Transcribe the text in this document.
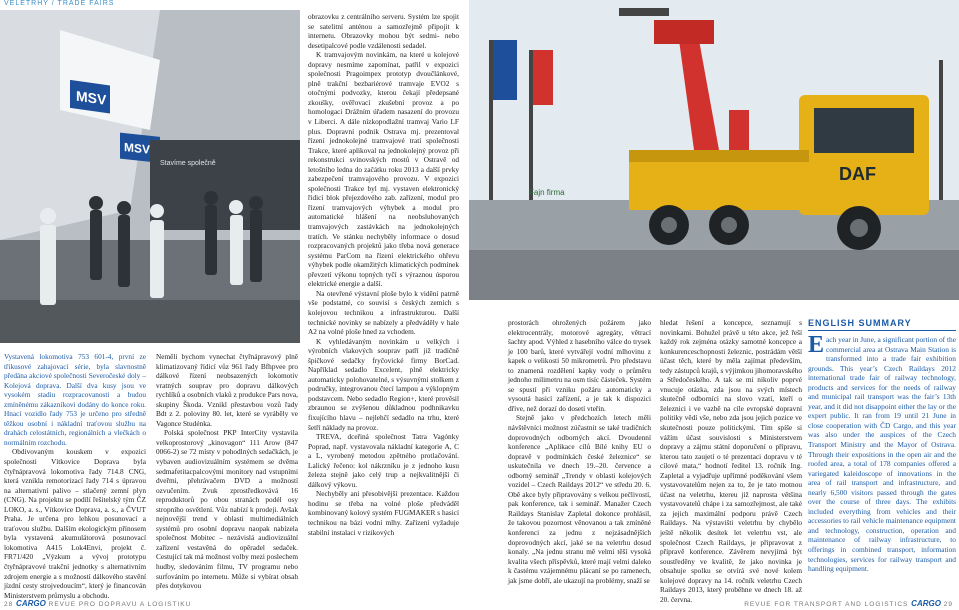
VELETRHY / TRADE FAIRS
MSV
MSV
Stavíme společně
DAF
Fajn firma

Vystavená lokomotiva 753 601-4, první ze třikusové zahajovací série, byla slavnostně předána akciové společnosti Severočeské doly – Kolejová doprava. Další dva kusy jsou ve vysokém stadiu rozpracovanosti a budou zmíněnému zákazníkovi dodány do konce roku. Hnací vozidlo řady 753 je určeno pro středně těžkou osobní i nákladní traťovou službu na drahách celostátních, regionálních a vlečkách o normálním rozchodu.

Obdivovaným kouskem v expozici společnosti Vítkovice Doprava byla čtyřnápravová lokomotiva řady 714.8 CNG, která vznikla remotorizací řady 714 s úpravou na alternativní palivo – stlačený zemní plyn (CNG). Na projektu se podílí řešitelský tým ČZ LOKO, a. s., Vítkovice Doprava, a. s., a ČVUT Praha. Je určena pro lehkou posunovací a traťovou službu. Dalším ekologickým přínosem byla vystavená akumulátorová posunovací lokomotiva A415 Lok4Envi, projekt č. FR71/420 „Výzkum a vývoj prototypu čtyřnápravové trakční jednotky s alternativním zdrojem energie a s možností dálkového stavění jízdní cesty strojvedoucím“, který je financován Ministerstvem průmyslu a obchodu.

Neměli bychom vynechat čtyřnápravový plně klimatizovaný řídicí vůz 961 řady Bfhpvee pro dálkové řízení neobsazených lokomotiv vratných souprav pro dopravu dálkových rychlíků a osobních vlaků z produkce Pars nova, skupiny Škoda. Vznikl přestavbou vozů řady Bdt z 2. poloviny 80. let, které se vyráběly ve Vagonce Studénka.

Polská společnost PKP InterCity vystavila velkoprostorový „kinovagon“ 111 Arow (847 0066-2) se 72 místy v pohodlných sedačkách, je vybaven audiovizuálním systémem se dvěma sedmafetitacpalcovými monitory nad vstupními dveřmi, přehrávačem DVD a možností ozvučením. Zvuk zprostředkovává 16 reproduktorů po obou stranách podél osy stropního osvětlení. Vůz nabízí k prodeji. Avšak nejnovější trend v oblasti multimediálních systémů pro osobní dopravu naopak nabízela společnost Mobitec – nezávislá audiovizuální zařízení vestavěná do opěradel sedaček. Cestující tak má možnost volby mezi poslechem hudby, sledováním filmu, TV programu nebo surfováním po internetu. Může si vybírat obsah přes dotykovou

obrazovku z centrálního serveru. Systém lze spojit se satelitní anténou a samozřejmě připojit k internetu. Obrazovky mohou být sedmi- nebo desetipalcové podle vzdálenosti sedadel.

K tramvajovým novinkám, na které u kolejové dopravy nesmíme zapomínat, patřil v expozici společnosti Pragoimpex prototyp dvoučlánkové, plně trakční bezbariérové tramvaje EVO2 s otočnými podvozky, kterou čekají předepsané zkoušky, ověřovací zkušební provoz a po homologaci Drážním úřadem nasazení do provozu v Liberci. A dále nízkopodlažní tramvaj Vario LF plus. Dopravní podnik Ostrava mj. prezentoval řízení jednokolejné tramvajové tratí společnosti Trakce, které aplikoval na jednokolejný provoz při rekonstrukci svinovských mostů v Ostravě od letošního ledna do začátku roku 2013 a další prvky zabezpečení tramvajového provozu. V expozici společnosti Trakce byl mj. vystaven elektronický řídicí blok přejezdového zab. zařízení, modul pro řízení tramvajových výhybek a modul pro automatické hlášení na neobsluhovaných tramvajových zastávkách na jednokolejných tratích. Ve stánku nechyběly informace o dosud rozpracovaných projektů jako třeba nová generace systému ParCom na řízení elektrického ohřevu výhybek podle okamžitých klimatických podmínek převzetí výkonu topných tyčí s výraznou úsporou elektrické energie a další.

Na otevřené výstavní ploše bylo k vidění patrně vše podstatné, co souvisí s českých zemích s kolejovou technikou a infrastrukturou. Další technické novinky se nabízely a předváděly v hale A2 na volné ploše hned za vchodem.

K vyhledávaným novinkám u velkých i výrobních vlakových souprav patří již tradičně špičkové sedačky fryčovické firmy BorCad. Například sedadlo Excelent, plně elektricky automaticky polohovatelné, s výsuvnými stolkem z područky, integrovanou čtecí lampou a výklopným podstavcem. Nebo sedadlo Region+, které prověsil zbraunou se zvýšenou důkladnou podhnikavku fixujícího hlavu – nejlehčí sedadlo na trhu, které šetří náklady na provoz.

TREVA, dceřiná společnost Tatra Vagónky Poprad, např. vystavovala nákladní kategorie A, C a L, vyrobený metodou zpětného protlačování. Lalický řečeno: kol nákrzníku je z jednoho kusu železa stejně jako celý trup a nejkvalitnější či dálkový výkovu.

Nechyběly ani přesobivější prezentace. Každou hodinu se třeba na volné ploše předváděl kombinovaný kolový systém FUGMAKER s hasicí technikou na bázi vodní mlhy. Zařízení vyžaduje stabilní instalaci v rizikových

prostorách ohrožených požárem jako elektrocentrály, motorové agregáty, větrací šachty apod. Výhled z hasebního válce do trysek je 100 barů, které vytvářejí vodní mlhovinu z kapek o velikosti 50 mikrometrů. Pro představu to znamená rozdělení kapky vody o průměru jednoho milimetru na osm tisíc částeček. Systém se spustí při vzniku požáru automaticky a vysoutá hasicí zařízení, a je tak k dispozici dříve, než dorazí do dosetí vteřin.

Stejně jako v předchozích letech měli návštěvníci možnost zúčastnit se také tradičních doprovodných odborných akcí. Dvoudenní konference „Aplikace cílů Bílé knihy EU o dopravě v podmínkách české železnice“ se uskutečnila ve dnech 19.–20. července a odborný seminář „Trendy v oblasti kolejových vozidel – Czech Raildays 2012“ ve středu 20. 6. Obě akce byly připravovány s velkou pečlivostí, pak konference, tak i seminář. Manažer Czech Raildays Stanislav Zapletal dokonce prohlásil, že takovou pozornost věnovanou a tak zmíněné konferenci za jednu z nejzásadnějších doprovodných akcí, jaké se na veletrhu dosud konaly. „Na jednu stranu mě velmi těší vysoká kvalita všech příspěvků, které mají velmi daleko k častému vzájemnému plácaní se po ramenech, jak jsme dobří, ale ukazují na problémy, snaží se

hledat řešení a koncepce, seznamují s novinkami. Bohužel právě u této akce, jež řeší každý rok zejména otázky samotné koncepce a konkurenceschopnosti železnic, postrádám větší účast těch, které by měla zajímat především, tedy zástupců krajů, s výjimkou jihomoravského a Středočeského. A tak se mi nikoliv poprvé vnucuje otázka, zda jsou na svých místech skutečně odborníci na slovo vzatí, kteří o železnici i ve vazbě na cíle evropské dopravní politiky vědí vše, nebo zda jsou jejich pozice ve skutečnosti pouze politickými. Tím spíše si vážím účast souvislosti s Ministerstvem dopravy a zájmu státní doporučení o přípravu, kterou tato zaujetí o té prezentaci dopravu v té cílové mata,“ hodnotí ředitel 13. ročník Ing. Zapletal a vyjadřuje upřímné poděkování všem vystavovatelům nejen za to, že je tato motnou účast na veletrhu, ktereu již naprosta většina vystavovatelů chápe i za samozřejmost, ale také za jejich maximální podporu právě Czech Raildays. Na výstavišti veletrhu by chybělo ještě několik desítek let veletrhu vst, ale společnost Czech Raildays, je připravovat z přípravě konference. Závěrem nevyjímá být soustředěny ve kvalitě, že jako novinka je obsahuje spolku se otvírá své nové kolem kolejové dopravy na 14. ročník veletrhu Czech Raildays 2013, který proběhne ve dnech 18. až 20. června.

ENGLISH SUMMARY
Each year in June, a significant portion of the commercial area at Ostrava Main Station is transformed into a trade fair exhibition grounds. This year’s Czech Raildays 2012 international trade fair of railway technology, products and services for the needs of railway and municipal rail transport was the fair’s 13th year, and it did not disappoint either the lay or the expert public. It ran from 19 until 21 June in close cooperation with ČD Cargo, and this year was also under the auspices of the Czech Transport Ministry and the Mayor of Ostrava. Through their expositions in the open air and the roofed area, a total of 178 companies offered a variegated kaleidoscope of innovations in the area of rail transport and infrastructure, and nearly 6,500 visitors passed through the gates over the course of three days. The exhibits included everything from vehicles and their accessories to rail vehicle maintenance equipment and technology, construction, operation and maintenance of railway infrastructure, to offerings in combined transport, information technologies, services for railway transport and handling equipment.
28 CARGO REVUE PRO DOPRAVU A LOGISTIKU	REVUE FOR TRANSPORT AND LOGISTICS CARGO 29
